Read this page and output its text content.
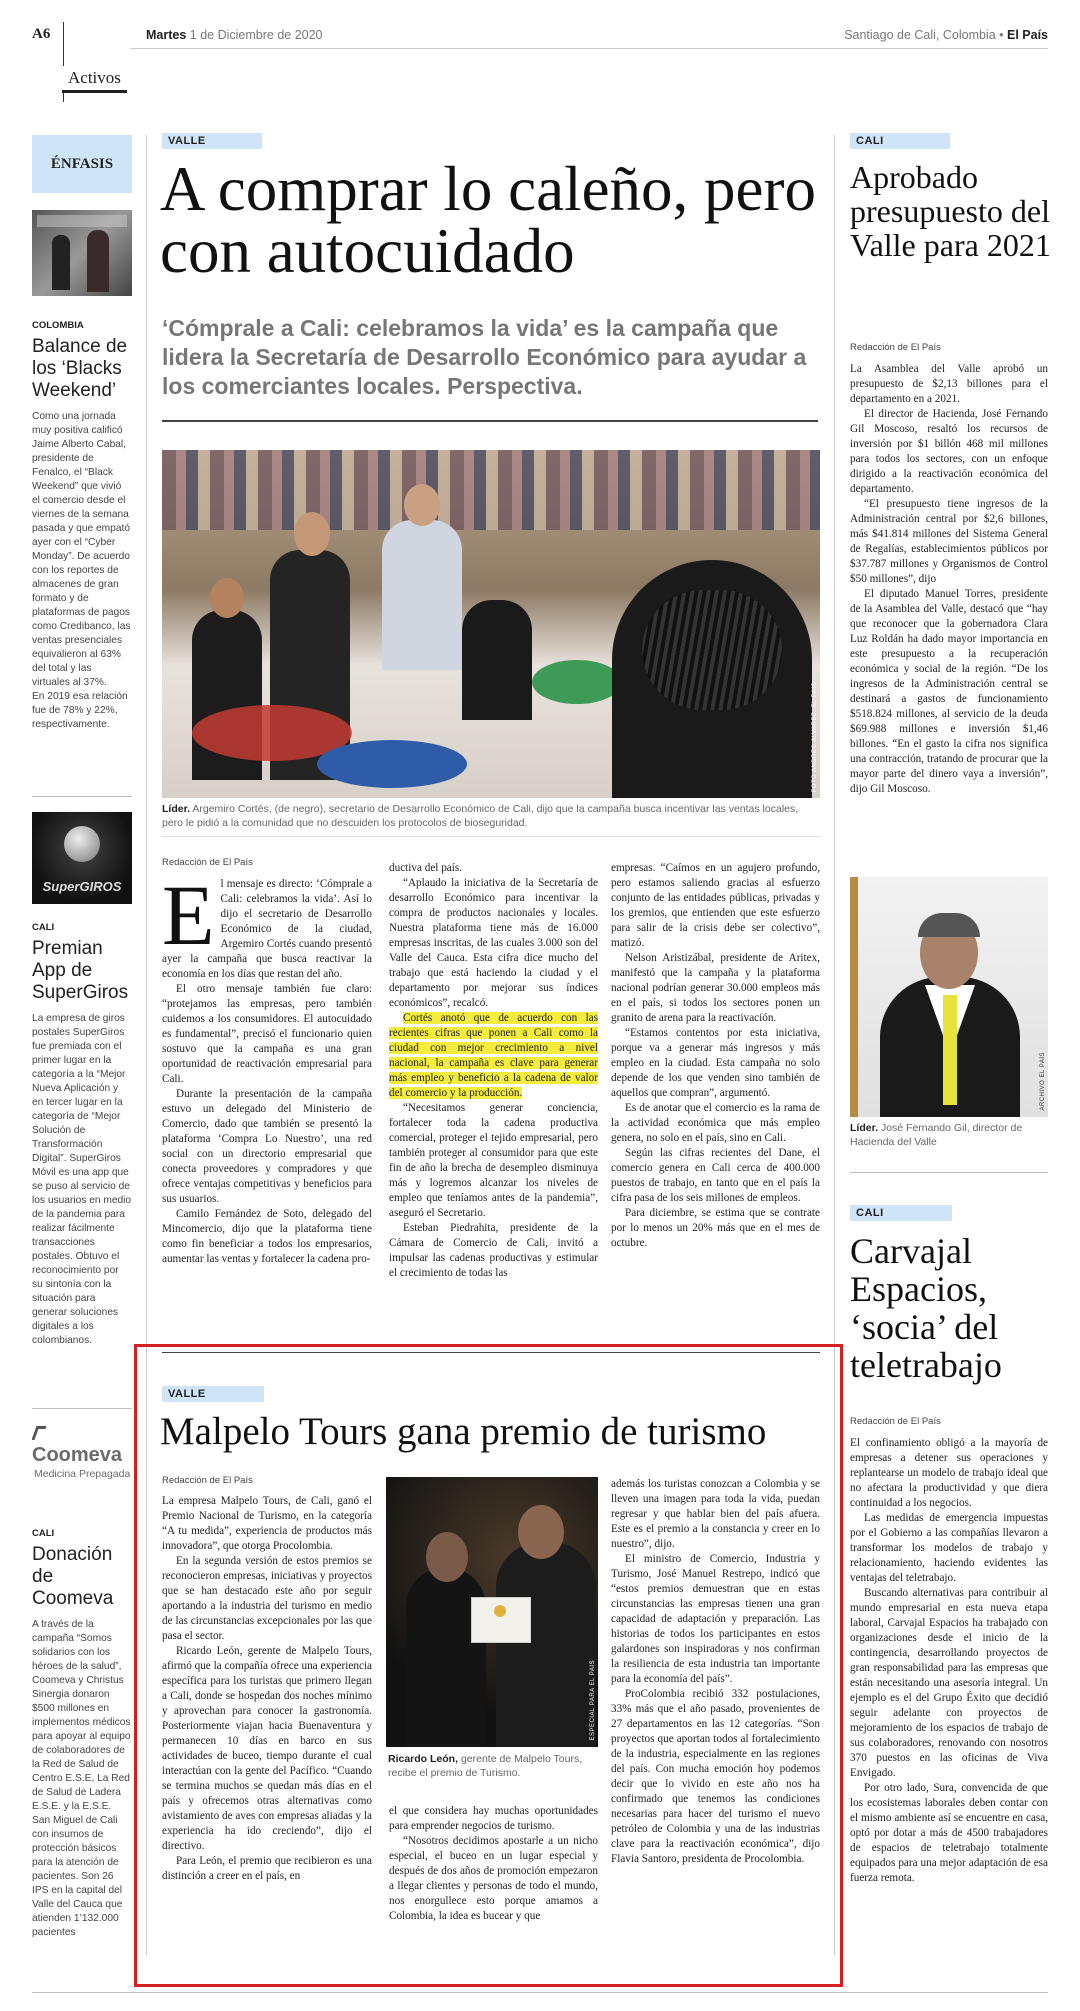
A6	Martes 1 de Diciembre de 2020	Santiago de Cali, Colombia • El País
Activos
ÉNFASIS
COLOMBIA
Balance de los ‘Blacks Weekend’
Como una jornada muy positiva calificó Jaime Alberto Cabal, presidente de Fenalco, el “Black Weekend” que vivió el comercio desde el viernes de la semana pasada y que empató ayer con el “Cyber Monday”. De acuerdo con los reportes de almacenes de gran formato y de plataformas de pagos como Credibanco, las ventas presenciales equivalieron al 63% del total y las virtuales al 37%.
En 2019 esa relación fue de 78% y 22%, respectivamente.
SuperGIROS
CALI
Premian App de SuperGiros
La empresa de giros postales SuperGiros fue premiada con el primer lugar en la categoría a la “Mejor Nueva Aplicación y en tercer lugar en la categoría de “Mejor Solución de Transformación Digital”. SuperGiros Móvil es una app que se puso al servicio de los usuarios en medio de la pandemia para realizar fácilmente transacciones postales. Obtuvo el reconocimiento por su sintonía con la situación para generar soluciones digitales a los colombianos.
Coomeva
Medicina Prepagada
CALI
Donación de Coomeva
A través de la campaña “Somos solidarios con los héroes de la salud”, Coomeva y Christus Sinergia donaron $500 millones en implementos médicos para apoyar al equipo de colaboradores de la Red de Salud de Centro E.S.E, La Red de Salud de Ladera E.S.E. y la E.S.E. San Miguel de Cali con insumos de protección básicos para la atención de pacientes. Son 26 IPS en la capital del Valle del Cauca que atienden 1’132.000 pacientes
VALLE
A comprar lo caleño, pero con autocuidado
‘Cómprale a Cali: celebramos la vida’ es la campaña que lidera la Secretaría de Desarrollo Económico para ayudar a los comerciantes locales. Perspectiva.
FOTO ANDRÉS ÁLVAREZ, EL PAÍS
Líder. Argemiro Cortés, (de negro), secretario de Desarrollo Económico de Cali, dijo que la campaña busca incentivar las ventas locales, pero le pidió a la comunidad que no descuiden los protocolos de bioseguridad.
Redacción de El País
E l mensaje es directo: ‘Cómprale a Cali: celebramos la vida’. Así lo dijo el secretario de Desarrollo Económico de la ciudad, Argemiro Cortés cuando presentó ayer la campaña que busca reactivar la economía en los días que restan del año.

El otro mensaje también fue claro: “protejamos las empresas, pero también cuidemos a los consumidores. El autocuidado es fundamental”, precisó el funcionario quien sostuvo que la campaña es una gran oportunidad de reactivación empresarial para Cali.

Durante la presentación de la campaña estuvo un delegado del Ministerio de Comercio, dado que también se presentó la plataforma ‘Compra Lo Nuestro’, una red social con un directorio empresarial que conecta proveedores y compradores y que ofrece ventajas competitivas y beneficios para sus usuarios.

Camilo Fernández de Soto, delegado del Mincomercio, dijo que la plataforma tiene como fin beneficiar a todos los empresarios, aumentar las ventas y fortalecer la cadena pro-

ductiva del país.

“Aplaudo la iniciativa de la Secretaría de desarrollo Económico para incentivar la compra de productos nacionales y locales. Nuestra plataforma tiene más de 16.000 empresas inscritas, de las cuales 3.000 son del Valle del Cauca. Esta cifra dice mucho del trabajo que está haciendo la ciudad y el departamento por mejorar sus índices económicos”, recalcó.

Cortés anotó que de acuerdo con las recientes cifras que ponen a Cali como la ciudad con mejor crecimiento a nivel nacional, la campaña es clave para generar más empleo y beneficio a la cadena de valor del comercio y la producción.

“Necesitamos generar conciencia, fortalecer toda la cadena productiva comercial, proteger el tejido empresarial, pero también proteger al consumidor para que este fin de año la brecha de desempleo disminuya más y logremos alcanzar los niveles de empleo que teníamos antes de la pandemia”, aseguró el Secretario.

Esteban Piedrahita, presidente de la Cámara de Comercio de Cali, invitó a impulsar las cadenas productivas y estimular el crecimiento de todas las

empresas. “Caímos en un agujero profundo, pero estamos saliendo gracias al esfuerzo conjunto de las entidades públicas, privadas y los gremios, que entienden que este esfuerzo para salir de la crisis debe ser colectivo”, matizó.

Nelson Aristizábal, presidente de Aritex, manifestó que la campaña y la plataforma nacional podrían generar 30.000 empleos más en el país, si todos los sectores ponen un granito de arena para la reactivación.

“Estamos contentos por esta iniciativa, porque va a generar más ingresos y más empleo en la ciudad. Esta campaña no solo depende de los que venden sino también de aquellos que compran”, argumentó.

Es de anotar que el comercio es la rama de la actividad económica que más empleo genera, no solo en el país, sino en Cali.

Según las cifras recientes del Dane, el comercio genera en Cali cerca de 400.000 puestos de trabajo, en tanto que en el país la cifra pasa de los seis millones de empleos.

Para diciembre, se estima que se contrate por lo menos un 20% más que en el mes de octubre.

VALLE
Malpelo Tours gana premio de turismo
Redacción de El País

La empresa Malpelo Tours, de Cali, ganó el Premio Nacional de Turismo, en la categoría “A tu medida”, experiencia de productos más innovadora”, que otorga Procolombia.

En la segunda versión de estos premios se reconocieron empresas, iniciativas y proyectos que se han destacado este año por seguir aportando a la industria del turismo en medio de las circunstancias excepcionales por las que pasa el sector.

Ricardo León, gerente de Malpelo Tours, afirmó que la compañía ofrece una experiencia específica para los turistas que primero llegan a Cali, donde se hospedan dos noches mínimo y aprovechan para conocer la gastronomía. Posteriormente viajan hacia Buenaventura y permanecen 10 días en barco en sus actividades de buceo, tiempo durante el cual interactúan con la gente del Pacífico. “Cuando se termina muchos se quedan más días en el país y ofrecemos otras alternativas como avistamiento de aves con empresas aliadas y la experiencia ha ido creciendo”, dijo el directivo.

Para León, el premio que recibieron es una distinción a creer en el país, en

ESPECIAL PARA EL PAÍS
Ricardo León, gerente de Malpelo Tours, recibe el premio de Turismo.

el que considera hay muchas oportunidades para emprender negocios de turismo.

“Nosotros decidimos apostarle a un nicho especial, el buceo en un lugar especial y después de dos años de promoción empezaron a llegar clientes y personas de todo el mundo, nos enorgullece esto porque amamos a Colombia, la idea es bucear y que

además los turistas conozcan a Colombia y se lleven una imagen para toda la vida, puedan regresar y que hablar bien del país afuera. Este es el premio a la constancia y creer en lo nuestro”, dijo.

El ministro de Comercio, Industria y Turismo, José Manuel Restrepo, indicó que “estos premios demuestran que en estas circunstancias las empresas tienen una gran capacidad de adaptación y preparación. Las historias de todos los participantes en estos galardones son inspiradoras y nos confirman la resiliencia de esta industria tan importante para la economía del país”.

ProColombia recibió 332 postulaciones, 33% más que el año pasado, provenientes de 27 departamentos en las 12 categorías. “Son proyectos que aportan todos al fortalecimiento de la industria, especialmente en las regiones del país. Con mucha emoción hoy podemos decir que lo vivido en este año nos ha confirmado que tenemos las condiciones necesarias para hacer del turismo el nuevo petróleo de Colombia y una de las industrias clave para la reactivación económica”, dijo Flavia Santoro, presidenta de Procolombia.

CALI
Aprobado presupuesto del Valle para 2021
Redacción de El País

La Asamblea del Valle aprobó un presupuesto de $2,13 billones para el departamento en a 2021.

El director de Hacienda, José Fernando Gil Moscoso, resaltó los recursos de inversión por $1 billón 468 mil millones para todos los sectores, con un enfoque dirigido a la reactivación económica del departamento.

“El presupuesto tiene ingresos de la Administración central por $2,6 billones, más $41.814 millones del Sistema General de Regalías, establecimientos públicos por $37.787 millones y Organismos de Control $50 millones”, dijo

El diputado Manuel Torres, presidente de la Asamblea del Valle, destacó que “hay que reconocer que la gobernadora Clara Luz Roldán ha dado mayor importancia en este presupuesto a la recuperación económica y social de la región. “De los ingresos de la Administración central se destinará a gastos de funcionamiento $518.824 millones, al servicio de la deuda $69.988 millones e inversión $1,46 billones. “En el gasto la cifra nos significa una contracción, tratando de procurar que la mayor parte del dinero vaya a inversión”, dijo Gil Moscoso.

ARCHIVO EL PAÍS
Líder. José Fernando Gil, director de Hacienda del Valle
CALI
Carvajal Espacios, ‘socia’ del teletrabajo
Redacción de El País

El confinamiento obligó a la mayoría de empresas a detener sus operaciones y replantearse un modelo de trabajo ideal que no afectara la productividad y que diera continuidad a los negocios.

Las medidas de emergencia impuestas por el Gobierno a las compañías llevaron a transformar los modelos de trabajo y relacionamiento, haciendo evidentes las ventajas del teletrabajo.

Buscando alternativas para contribuir al mundo empresarial en esta nueva etapa laboral, Carvajal Espacios ha trabajado con organizaciones desde el inicio de la contingencia, desarrollando proyectos de gran responsabilidad para las empresas que están necesitando una asesoría integral. Un ejemplo es el del Grupo Éxito que decidió seguir adelante con proyectos de mejoramiento de los espacios de trabajo de sus colaboradores, renovando con nosotros 370 puestos en las oficinas de Viva Envigado.

Por otro lado, Sura, convencida de que los ecosistemas laborales deben contar con el mismo ambiente así se encuentre en casa, optó por dotar a más de 4500 trabajadores de espacios de teletrabajo totalmente equipados para una mejor adaptación de esa fuerza remota.
